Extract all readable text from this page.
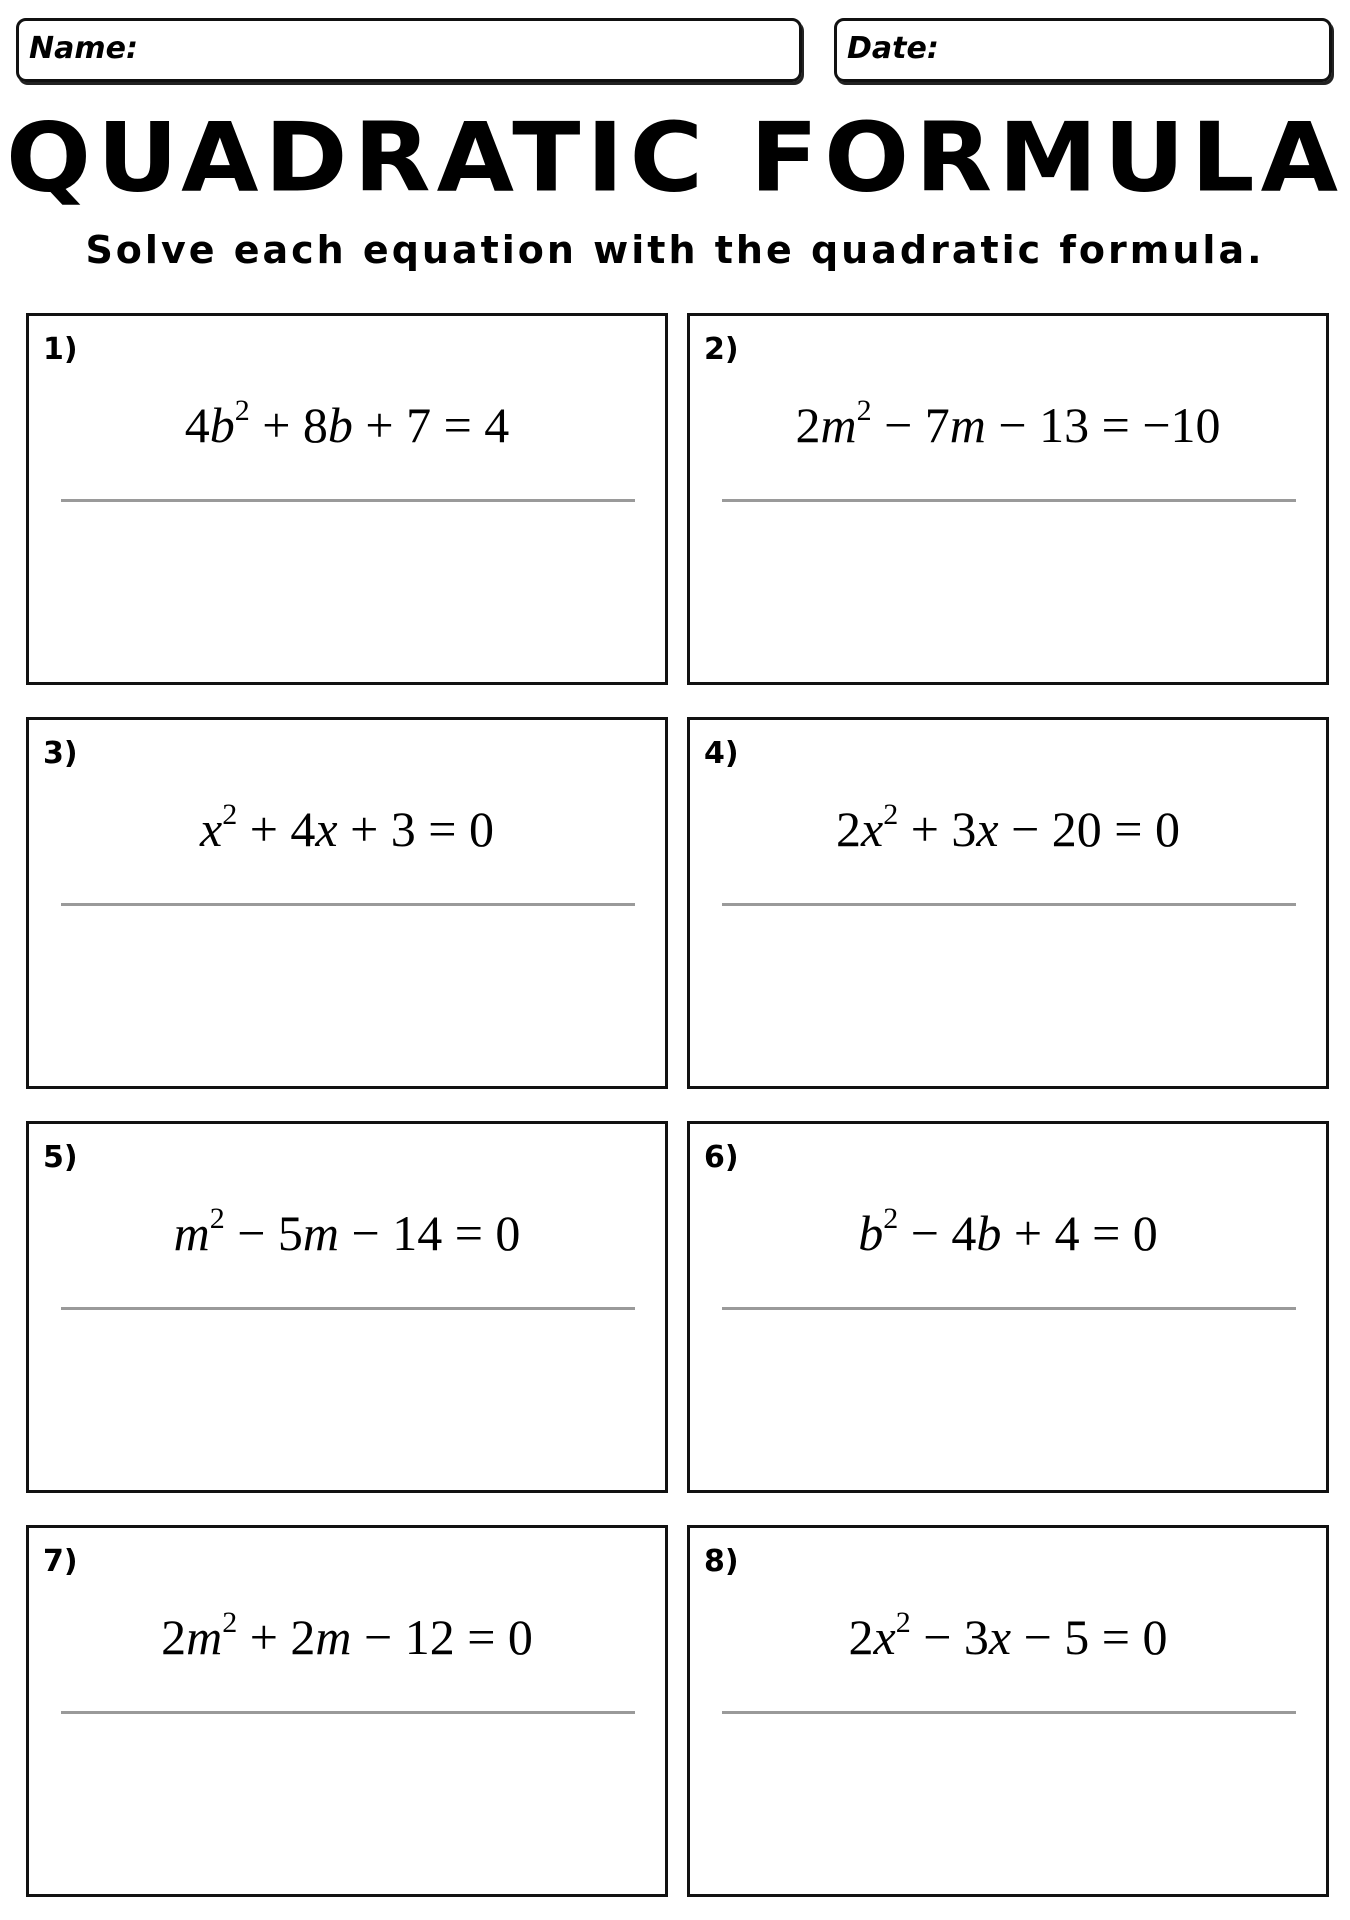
Name:	Date:
QUADRATIC FORMULA
Solve each equation with the quadratic formula.
1)
$4b^2 + 8b + 7 = 4$
2)
$2m^2 - 7m - 13 = -10$
3)
$x^2 + 4x + 3 = 0$
4)
$2x^2 + 3x - 20 = 0$
5)
$m^2 - 5m - 14 = 0$
6)
$b^2 - 4b + 4 = 0$
7)
$2m^2 + 2m - 12 = 0$
8)
$2x^2 - 3x - 5 = 0$
